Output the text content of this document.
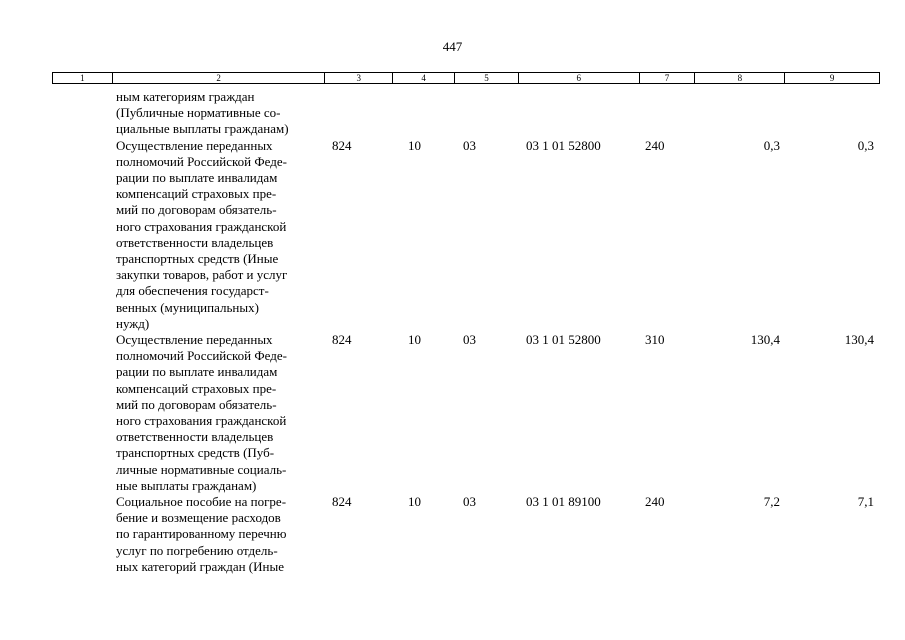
447
1	2	3	4	5	6	7	8	9
ным категориям граждан
(Публичные нормативные со-
циальные выплаты гражданам)
Осуществление переданных
полномочий Российской Феде-
рации по выплате инвалидам
компенсаций страховых пре-
мий по договорам обязатель-
ного страхования гражданской
ответственности владельцев
транспортных средств (Иные
закупки товаров, работ и услуг
для обеспечения государст-
венных (муниципальных)
нужд)
824	10	03	03 1 01 52800	240	0,3	0,3
Осуществление переданных
полномочий Российской Феде-
рации по выплате инвалидам
компенсаций страховых пре-
мий по договорам обязатель-
ного страхования гражданской
ответственности владельцев
транспортных средств (Пуб-
личные нормативные социаль-
ные выплаты гражданам)
824	10	03	03 1 01 52800	310	130,4	130,4
Социальное пособие на погре-
бение и возмещение расходов
по гарантированному перечню
услуг по погребению отдель-
ных категорий граждан (Иные
824	10	03	03 1 01 89100	240	7,2	7,1
